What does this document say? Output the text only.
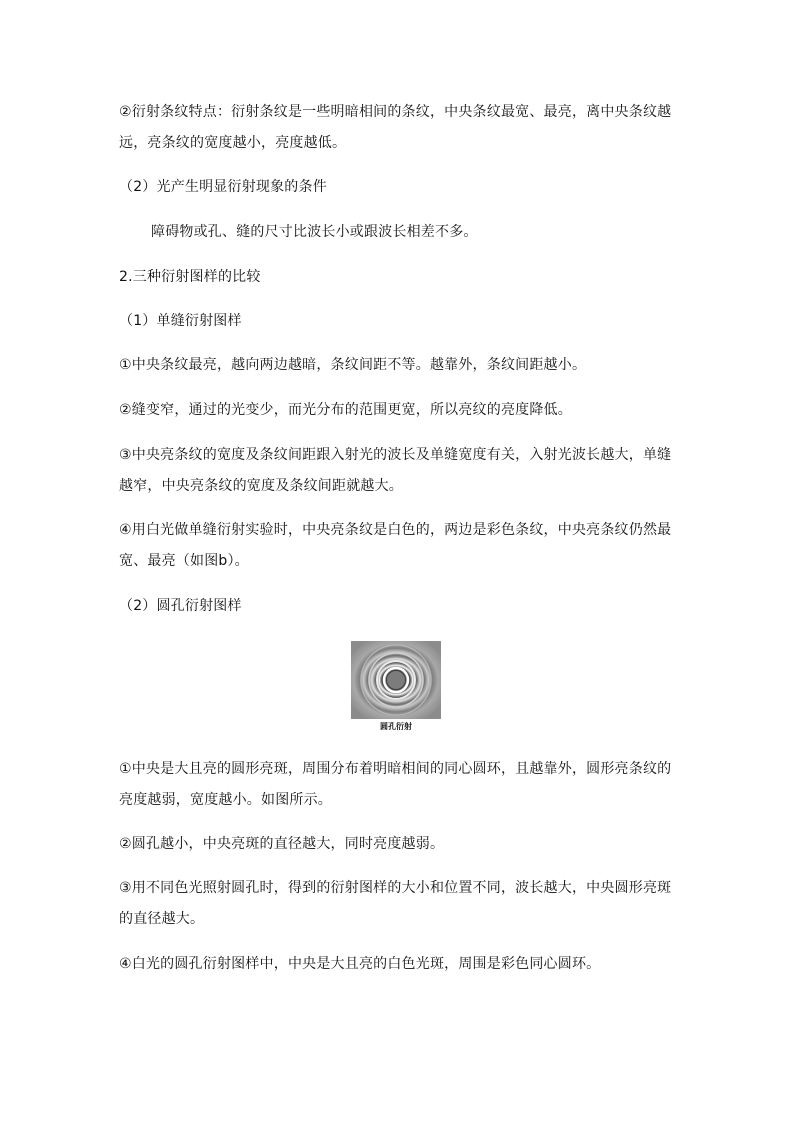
②衍射条纹特点：衍射条纹是一些明暗相间的条纹，中央条纹最宽、最亮，离中央条纹越远，亮条纹的宽度越小，亮度越低。
（2）光产生明显衍射现象的条件
障碍物或孔、缝的尺寸比波长小或跟波长相差不多。
2.三种衍射图样的比较
（1）单缝衍射图样
①中央条纹最亮，越向两边越暗，条纹间距不等。越靠外，条纹间距越小。
②缝变窄，通过的光变少，而光分布的范围更宽，所以亮纹的亮度降低。
③中央亮条纹的宽度及条纹间距跟入射光的波长及单缝宽度有关，入射光波长越大，单缝越窄，中央亮条纹的宽度及条纹间距就越大。
④用白光做单缝衍射实验时，中央亮条纹是白色的，两边是彩色条纹，中央亮条纹仍然最宽、最亮（如图b）。
（2）圆孔衍射图样
圆孔衍射
①中央是大且亮的圆形亮斑，周围分布着明暗相间的同心圆环，且越靠外，圆形亮条纹的亮度越弱，宽度越小。如图所示。
②圆孔越小，中央亮斑的直径越大，同时亮度越弱。
③用不同色光照射圆孔时，得到的衍射图样的大小和位置不同，波长越大，中央圆形亮斑的直径越大。
④白光的圆孔衍射图样中，中央是大且亮的白色光斑，周围是彩色同心圆环。
